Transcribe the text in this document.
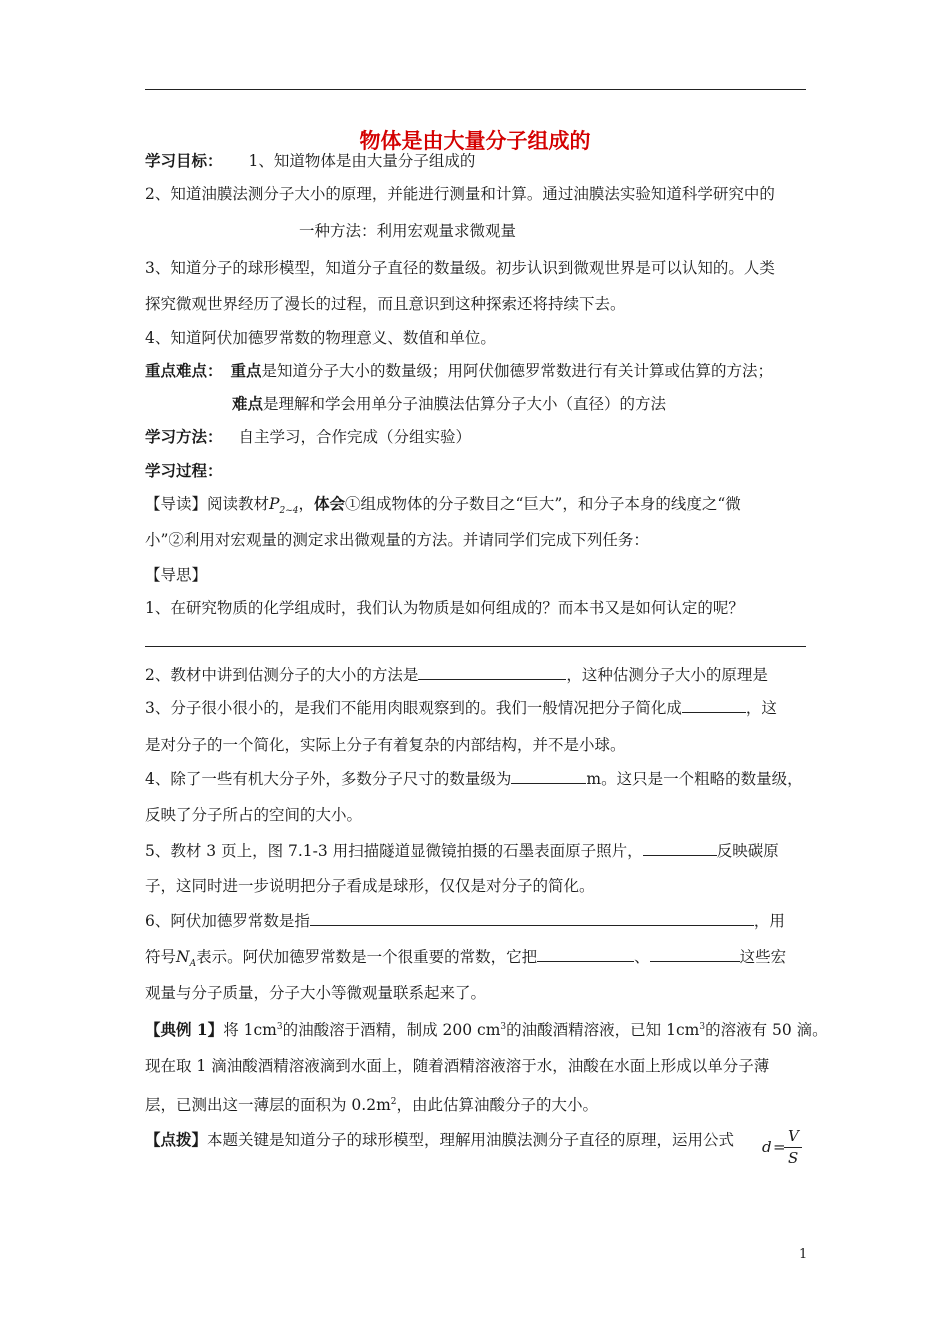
物体是由大量分子组成的
学习目标： 1、知道物体是由大量分子组成的
2、知道油膜法测分子大小的原理，并能进行测量和计算。通过油膜法实验知道科学研究中的
一种方法：利用宏观量求微观量
3、知道分子的球形模型，知道分子直径的数量级。初步认识到微观世界是可以认知的。人类
探究微观世界经历了漫长的过程，而且意识到这种探索还将持续下去。
4、知道阿伏加德罗常数的物理意义、数值和单位。
重点难点： 重点是知道分子大小的数量级；用阿伏伽德罗常数进行有关计算或估算的方法；
难点是理解和学会用单分子油膜法估算分子大小（直径）的方法
学习方法： 自主学习，合作完成（分组实验）
学习过程：
【导读】阅读教材$P_{2\sim 4}$，体会①组成物体的分子数目之“巨大”，和分子本身的线度之“微
小”②利用对宏观量的测定求出微观量的方法。并请同学们完成下列任务：
【导思】
1、在研究物质的化学组成时，我们认为物质是如何组成的？而本书又是如何认定的呢？
2、教材中讲到估测分子的大小的方法是	，这种估测分子大小的原理是
3、分子很小很小的，是我们不能用肉眼观察到的。我们一般情况把分子简化成	，这
是对分子的一个简化，实际上分子有着复杂的内部结构，并不是小球。
4、除了一些有机大分子外，多数分子尺寸的数量级为	m。这只是一个粗略的数量级，
反映了分子所占的空间的大小。
5、教材 3 页上，图 7.1-3 用扫描隧道显微镜拍摄的石墨表面原子照片，	反映碳原
子，这同时进一步说明把分子看成是球形，仅仅是对分子的简化。
6、阿伏加德罗常数是指	，用
符号$N_A$表示。阿伏加德罗常数是一个很重要的常数，它把	、	这些宏
观量与分子质量，分子大小等微观量联系起来了。
【典例 1】将 $1cm^3$的油酸溶于酒精，制成 200 $cm^3$的油酸酒精溶液，已知 $1cm^3$的溶液有 50 滴。
现在取 1 滴油酸酒精溶液滴到水面上，随着酒精溶液溶于水，油酸在水面上形成以单分子薄
层，已测出这一薄层的面积为 $0.2m^2$，由此估算油酸分子的大小。
【点拨】本题关键是知道分子的球形模型，理解用油膜法测分子直径的原理，运用公式 d =
V
S
1
